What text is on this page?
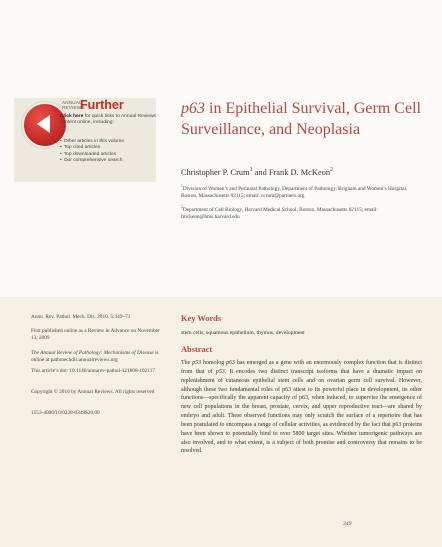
ANNUAL
REVIEWS
Further
Click here for quick links to Annual Reviews content online, including:
• Other articles in this volume
• Top cited articles
• Top downloaded articles
• Our comprehensive search
p63 in Epithelial Survival, Germ Cell Surveillance, and Neoplasia
Christopher P. Crum$^1$ and Frank D. McKeon$^2$
$^1$Division of Women’s and Perinatal Pathology, Department of Pathology, Brigham and Women’s Hospital, Boston, Massachusetts 02115; email: ccrum@partners.org
$^2$Department of Cell Biology, Harvard Medical School, Boston, Massachusetts 02115; email: fmckeon@hms.harvard.edu
Annu. Rev. Pathol. Mech. Dis. 2010. 5:349–71
First published online as a Review in Advance on November 13, 2009
The Annual Review of Pathology: Mechanisms of Disease is online at pathmechdis.annualreviews.org
This article’s doi: 10.1146/annurev-pathol-121808-102117
Copyright © 2010 by Annual Reviews. All rights reserved
1553-4006/10/0228-0349$20.00
Key Words
stem cells, squamous epithelium, thymus, development
Abstract
The p53 homolog p63 has emerged as a gene with an enormously complex function that is distinct from that of p53. It encodes two distinct transcript isoforms that have a dramatic impact on replenishment of cutaneous epithelial stem cells and on ovarian germ cell survival. However, although these two fundamental roles of p63 attest to its powerful place in development, its other functions—specifically the apparent capacity of p63, when induced, to supervise the emergence of new cell populations in the breast, prostate, cervix, and upper reproductive tract—are shared by embryo and adult. These observed functions may only scratch the surface of a repertoire that has been postulated to encompass a range of cellular activities, as evidenced by the fact that p63 proteins have been shown to potentially bind to over 5800 target sites. Whether tumorigenic pathways are also involved, and to what extent, is a subject of both promise and controversy that remains to be resolved.
349
